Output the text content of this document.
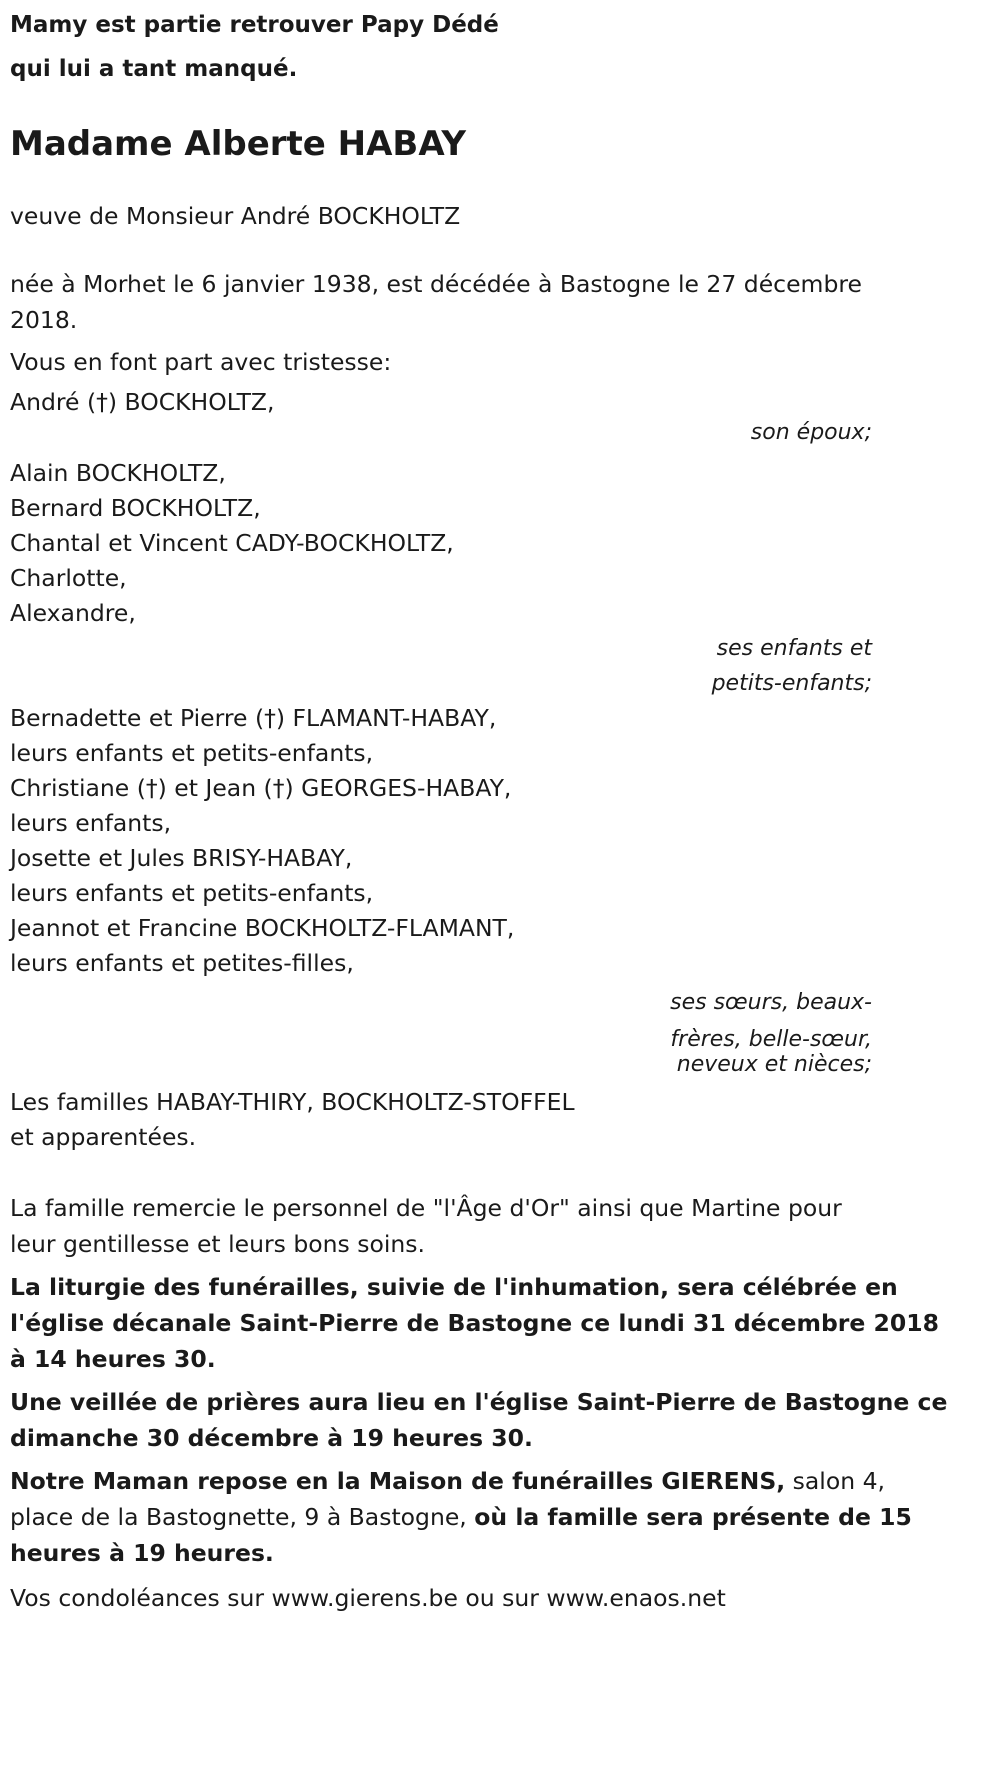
Mamy est partie retrouver Papy Dédé
qui lui a tant manqué.
Madame Alberte HABAY
veuve de Monsieur André BOCKHOLTZ
née à Morhet le 6 janvier 1938, est décédée à Bastogne le 27 décembre
2018.
Vous en font part avec tristesse:
André (†) BOCKHOLTZ,
son époux;
Alain BOCKHOLTZ,
Bernard BOCKHOLTZ,
Chantal et Vincent CADY-BOCKHOLTZ,
Charlotte,
Alexandre,
ses enfants et
petits-enfants;
Bernadette et Pierre (†) FLAMANT-HABAY,
leurs enfants et petits-enfants,
Christiane (†) et Jean (†) GEORGES-HABAY,
leurs enfants,
Josette et Jules BRISY-HABAY,
leurs enfants et petits-enfants,
Jeannot et Francine BOCKHOLTZ-FLAMANT,
leurs enfants et petites-filles,
ses sœurs, beaux-
frères, belle-sœur,
neveux et nièces;
Les familles HABAY-THIRY, BOCKHOLTZ-STOFFEL
et apparentées.
La famille remercie le personnel de "l'Âge d'Or" ainsi que Martine pour
leur gentillesse et leurs bons soins.
La liturgie des funérailles, suivie de l'inhumation, sera célébrée en
l'église décanale Saint-Pierre de Bastogne ce lundi 31 décembre 2018
à 14 heures 30.
Une veillée de prières aura lieu en l'église Saint-Pierre de Bastogne ce
dimanche 30 décembre à 19 heures 30.
Notre Maman repose en la Maison de funérailles GIERENS, salon 4,
place de la Bastognette, 9 à Bastogne, où la famille sera présente de 15
heures à 19 heures.
Vos condoléances sur www.gierens.be ou sur www.enaos.net
